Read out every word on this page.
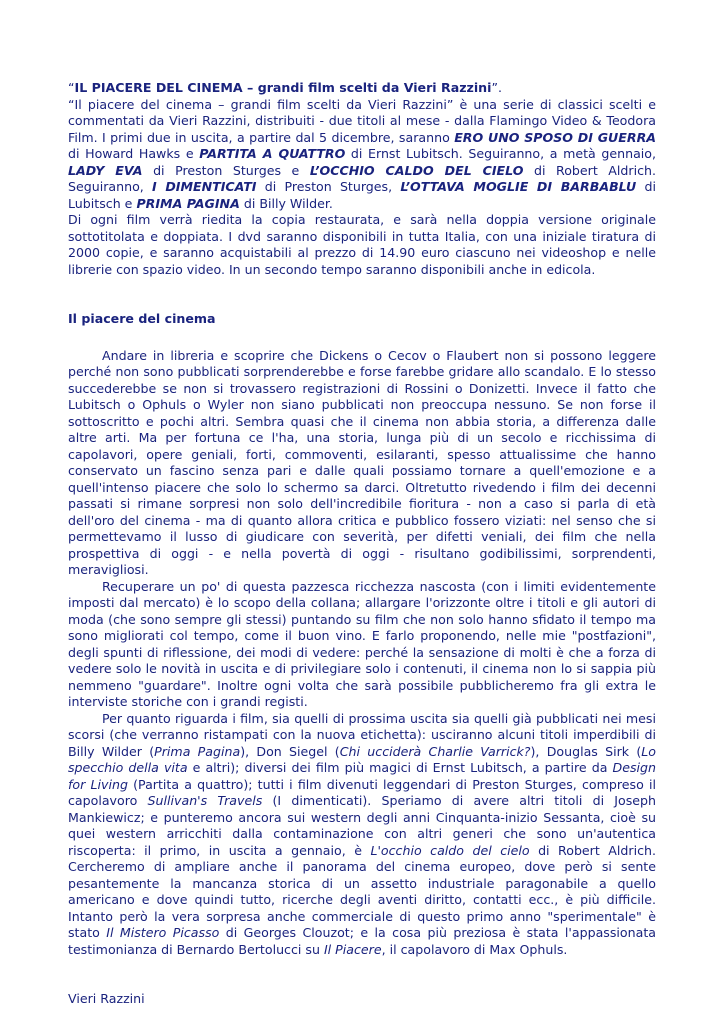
“IL PIACERE DEL CINEMA – grandi film scelti da Vieri Razzini”.

“Il piacere del cinema – grandi film scelti da Vieri Razzini” è una serie di classici scelti e commentati da Vieri Razzini, distribuiti - due titoli al mese - dalla Flamingo Video & Teodora Film. I primi due in uscita, a partire dal 5 dicembre, saranno ERO UNO SPOSO DI GUERRA di Howard Hawks e PARTITA A QUATTRO di Ernst Lubitsch. Seguiranno, a metà gennaio, LADY EVA di Preston Sturges e L’OCCHIO CALDO DEL CIELO di Robert Aldrich. Seguiranno, I DIMENTICATI di Preston Sturges, L’OTTAVA MOGLIE DI BARBABLU di Lubitsch e PRIMA PAGINA di Billy Wilder.

Di ogni film verrà riedita la copia restaurata, e sarà nella doppia versione originale sottotitolata e doppiata. I dvd saranno disponibili in tutta Italia, con una iniziale tiratura di 2000 copie, e saranno acquistabili al prezzo di 14.90 euro ciascuno nei videoshop e nelle librerie con spazio video. In un secondo tempo saranno disponibili anche in edicola.

Il piacere del cinema

Andare in libreria e scoprire che Dickens o Cecov o Flaubert non si possono leggere perché non sono pubblicati sorprenderebbe e forse farebbe gridare allo scandalo. E lo stesso succederebbe se non si trovassero registrazioni di Rossini o Donizetti. Invece il fatto che Lubitsch o Ophuls o Wyler non siano pubblicati non preoccupa nessuno. Se non forse il sottoscritto e pochi altri. Sembra quasi che il cinema non abbia storia, a differenza dalle altre arti. Ma per fortuna ce l'ha, una storia, lunga più di un secolo e ricchissima di capolavori, opere geniali, forti, commoventi, esilaranti, spesso attualissime che hanno conservato un fascino senza pari e dalle quali possiamo tornare a quell'emozione e a quell'intenso piacere che solo lo schermo sa darci. Oltretutto rivedendo i film dei decenni passati si rimane sorpresi non solo dell'incredibile fioritura - non a caso si parla di età dell'oro del cinema - ma di quanto allora critica e pubblico fossero viziati: nel senso che si permettevamo il lusso di giudicare con severità, per difetti veniali, dei film che nella prospettiva di oggi - e nella povertà di oggi - risultano godibilissimi, sorprendenti, meravigliosi.

Recuperare un po' di questa pazzesca ricchezza nascosta (con i limiti evidentemente imposti dal mercato) è lo scopo della collana; allargare l'orizzonte oltre i titoli e gli autori di moda (che sono sempre gli stessi) puntando su film che non solo hanno sfidato il tempo ma sono migliorati col tempo, come il buon vino. E farlo proponendo, nelle mie "postfazioni", degli spunti di riflessione, dei modi di vedere: perché la sensazione di molti è che a forza di vedere solo le novità in uscita e di privilegiare solo i contenuti, il cinema non lo si sappia più nemmeno "guardare". Inoltre ogni volta che sarà possibile pubblicheremo fra gli extra le interviste storiche con i grandi registi.

Per quanto riguarda i film, sia quelli di prossima uscita sia quelli già pubblicati nei mesi scorsi (che verranno ristampati con la nuova etichetta): usciranno alcuni titoli imperdibili di Billy Wilder (Prima Pagina), Don Siegel (Chi ucciderà Charlie Varrick?), Douglas Sirk (Lo specchio della vita e altri); diversi dei film più magici di Ernst Lubitsch, a partire da Design for Living (Partita a quattro); tutti i film divenuti leggendari di Preston Sturges, compreso il capolavoro Sullivan's Travels (I dimenticati). Speriamo di avere altri titoli di Joseph Mankiewicz; e punteremo ancora sui western degli anni Cinquanta-inizio Sessanta, cioè su quei western arricchiti dalla contaminazione con altri generi che sono un'autentica riscoperta: il primo, in uscita a gennaio, è L'occhio caldo del cielo di Robert Aldrich. Cercheremo di ampliare anche il panorama del cinema europeo, dove però si sente pesantemente la mancanza storica di un assetto industriale paragonabile a quello americano e dove quindi tutto, ricerche degli aventi diritto, contatti ecc., è più difficile. Intanto però la vera sorpresa anche commerciale di questo primo anno "sperimentale" è stato Il Mistero Picasso di Georges Clouzot; e la cosa più preziosa è stata l'appassionata testimonianza di Bernardo Bertolucci su Il Piacere, il capolavoro di Max Ophuls.

Vieri Razzini
